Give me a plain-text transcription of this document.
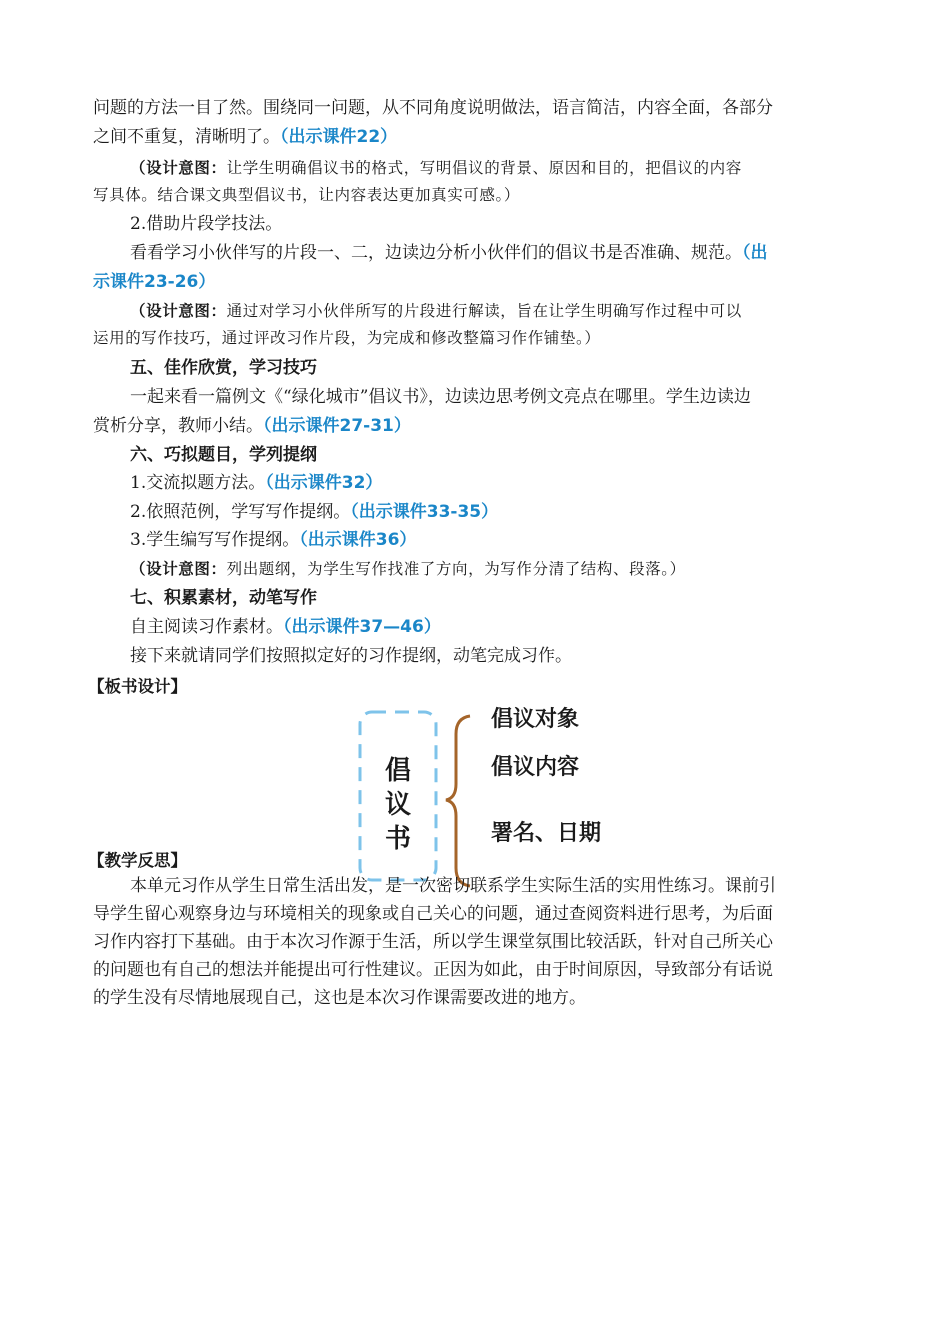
问题的方法一目了然。围绕同一问题，从不同角度说明做法，语言简洁，内容全面，各部分
之间不重复，清晰明了。（出示课件22）
（设计意图：让学生明确倡议书的格式，写明倡议的背景、原因和目的，把倡议的内容
写具体。结合课文典型倡议书，让内容表达更加真实可感。）
2.借助片段学技法。
看看学习小伙伴写的片段一、二，边读边分析小伙伴们的倡议书是否准确、规范。（出
示课件23-26）
（设计意图：通过对学习小伙伴所写的片段进行解读，旨在让学生明确写作过程中可以
运用的写作技巧，通过评改习作片段，为完成和修改整篇习作作铺垫。）
五、佳作欣赏，学习技巧
一起来看一篇例文《“绿化城市”倡议书》，边读边思考例文亮点在哪里。学生边读边
赏析分享，教师小结。（出示课件27-31）
六、巧拟题目，学列提纲
1.交流拟题方法。（出示课件32）
2.依照范例，学写写作提纲。（出示课件33-35）
3.学生编写写作提纲。（出示课件36）
（设计意图：列出题纲，为学生写作找准了方向，为写作分清了结构、段落。）
七、积累素材，动笔写作
自主阅读习作素材。（出示课件37—46）
接下来就请同学们按照拟定好的习作提纲，动笔完成习作。
【板书设计】
倡
议
书
倡议对象
倡议内容
署名、日期
【教学反思】
本单元习作从学生日常生活出发，是一次密切联系学生实际生活的实用性练习。课前引
导学生留心观察身边与环境相关的现象或自己关心的问题，通过查阅资料进行思考，为后面
习作内容打下基础。由于本次习作源于生活，所以学生课堂氛围比较活跃，针对自己所关心
的问题也有自己的想法并能提出可行性建议。正因为如此，由于时间原因，导致部分有话说
的学生没有尽情地展现自己，这也是本次习作课需要改进的地方。
